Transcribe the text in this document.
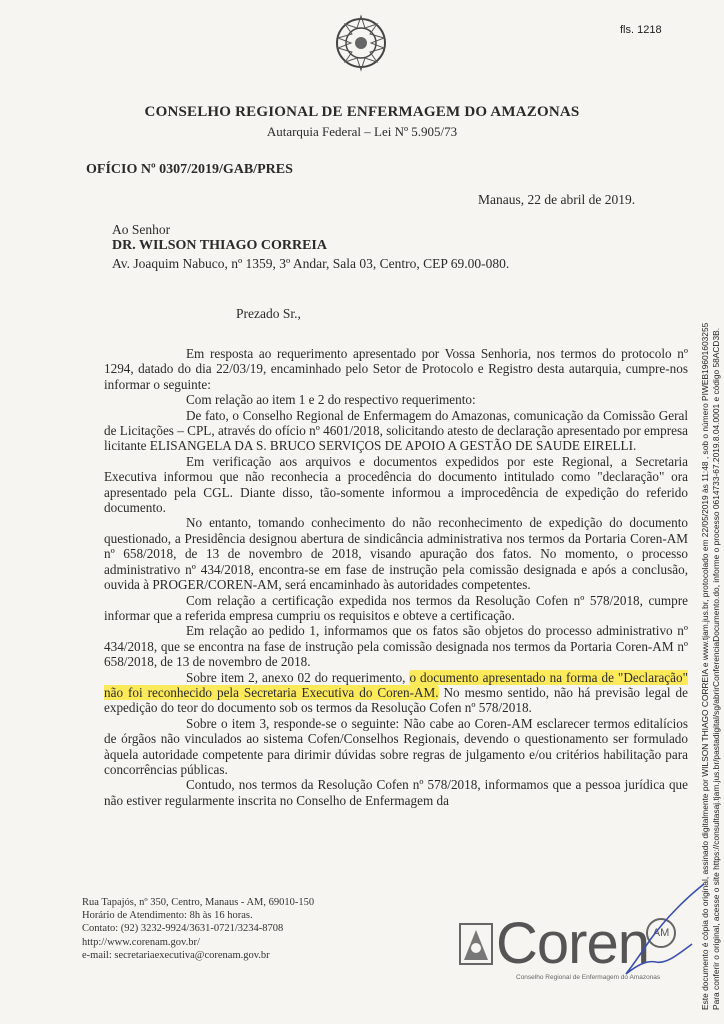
fls. 1218
CONSELHO REGIONAL DE ENFERMAGEM DO AMAZONAS
Autarquia Federal – Lei Nº 5.905/73
OFÍCIO Nº 0307/2019/GAB/PRES
Manaus, 22 de abril de 2019.
Ao Senhor
DR. WILSON THIAGO CORREIA
Av. Joaquim Nabuco, nº 1359, 3º Andar, Sala 03, Centro, CEP 69.00-080.
Prezado Sr.,

Em resposta ao requerimento apresentado por Vossa Senhoria, nos termos do protocolo nº 1294, datado do dia 22/03/19, encaminhado pelo Setor de Protocolo e Registro desta autarquia, cumpre-nos informar o seguinte:

Com relação ao item 1 e 2 do respectivo requerimento:

De fato, o Conselho Regional de Enfermagem do Amazonas, comunicação da Comissão Geral de Licitações – CPL, através do ofício nº 4601/2018, solicitando atesto de declaração apresentado por empresa licitante ELISANGELA DA S. BRUCO SERVIÇOS DE APOIO A GESTÃO DE SAUDE EIRELLI.

Em verificação aos arquivos e documentos expedidos por este Regional, a Secretaria Executiva informou que não reconhecia a procedência do documento intitulado como "declaração" ora apresentado pela CGL. Diante disso, tão-somente informou a improcedência de expedição do referido documento.

No entanto, tomando conhecimento do não reconhecimento de expedição do documento questionado, a Presidência designou abertura de sindicância administrativa nos termos da Portaria Coren-AM nº 658/2018, de 13 de novembro de 2018, visando apuração dos fatos. No momento, o processo administrativo nº 434/2018, encontra-se em fase de instrução pela comissão designada e após a conclusão, ouvida à PROGER/COREN-AM, será encaminhado às autoridades competentes.

Com relação a certificação expedida nos termos da Resolução Cofen nº 578/2018, cumpre informar que a referida empresa cumpriu os requisitos e obteve a certificação.

Em relação ao pedido 1, informamos que os fatos são objetos do processo administrativo nº 434/2018, que se encontra na fase de instrução pela comissão designada nos termos da Portaria Coren-AM nº 658/2018, de 13 de novembro de 2018.

Sobre item 2, anexo 02 do requerimento, o documento apresentado na forma de "Declaração" não foi reconhecido pela Secretaria Executiva do Coren-AM. No mesmo sentido, não há previsão legal de expedição do teor do documento sob os termos da Resolução Cofen nº 578/2018.

Sobre o item 3, responde-se o seguinte: Não cabe ao Coren-AM esclarecer termos editalícios de órgãos não vinculados ao sistema Cofen/Conselhos Regionais, devendo o questionamento ser formulado àquela autoridade competente para dirimir dúvidas sobre regras de julgamento e/ou critérios habilitação para concorrências públicas.

Contudo, nos termos da Resolução Cofen nº 578/2018, informamos que a pessoa jurídica que não estiver regularmente inscrita no Conselho de Enfermagem da

Rua Tapajós, nº 350, Centro, Manaus - AM, 69010-150
Horário de Atendimento: 8h às 16 horas.
Contato: (92) 3232-9924/3631-0721/3234-8708
http://www.corenam.gov.br/
e-mail: secretariaexecutiva@corenam.gov.br	Coren AM
Conselho Regional de Enfermagem do Amazonas	Este documento é cópia do original, assinado digitalmente por WILSON THIAGO CORREIA e www.tjam.jus.br, protocolado em 22/05/2019 às 11:48 , sob o número PIWEB19601603255 Para conferir o original, acesse o site https://consultasaj.tjam.jus.br/pastadigital/sg/abrirConferenciaDocumento.do, informe o processo 0614733-67.2019.8.04.0001 e código 58ACD3B.
